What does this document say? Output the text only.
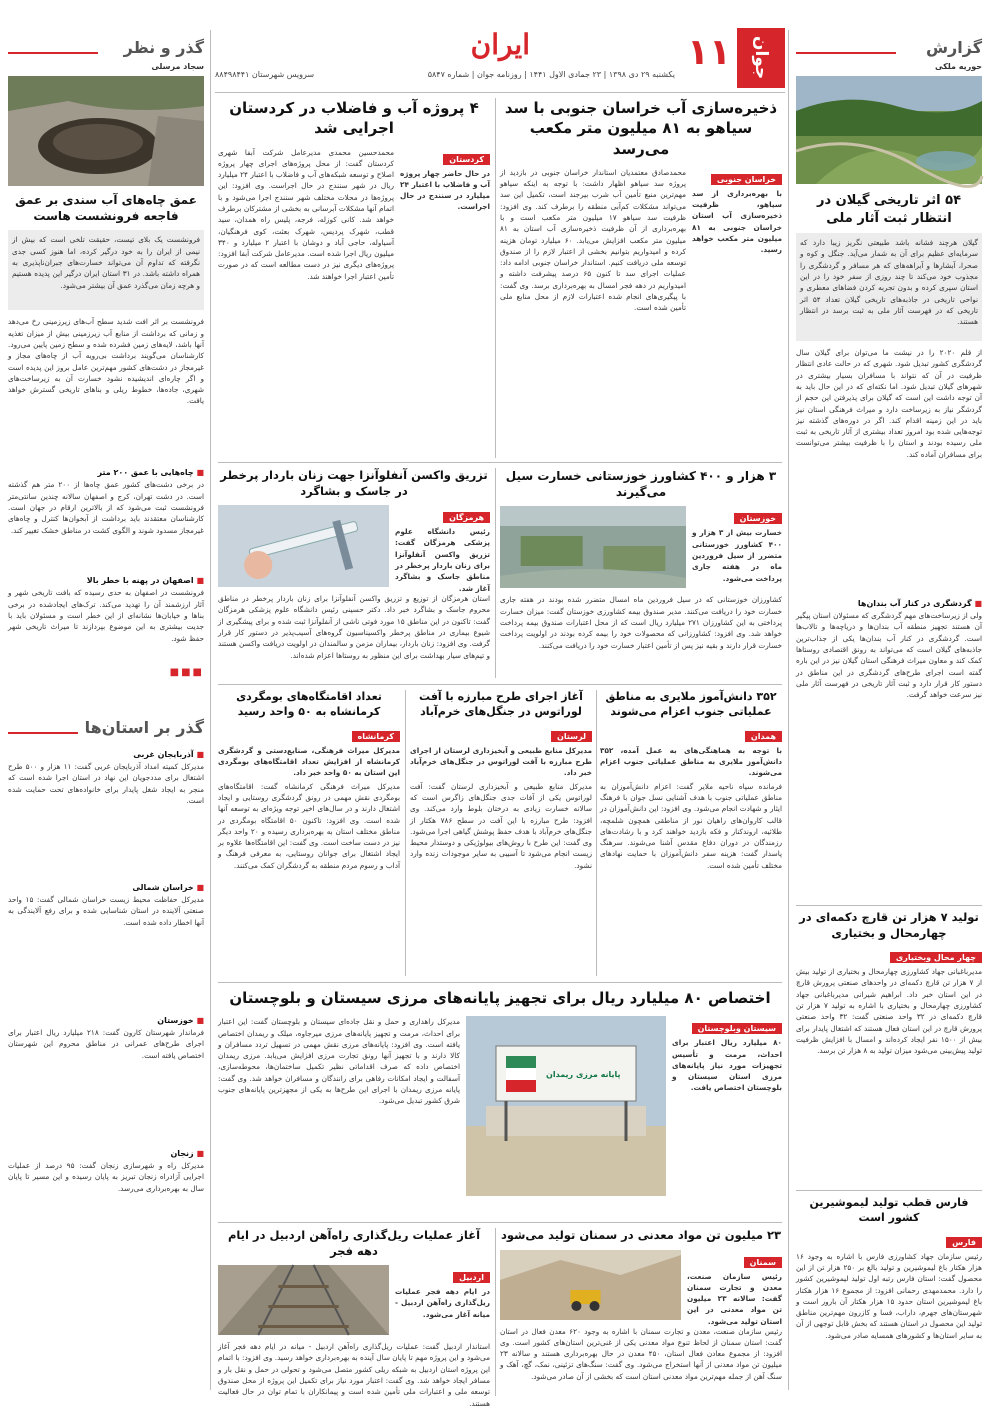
جوان
۱۱
ایران
یکشنبه ۲۹ دی ۱۳۹۸ | ۲۳ جمادی الاول ۱۴۴۱ | روزنامه جوان | شماره ۵۸۴۷
سرویس شهرستان ۸۸۴۹۸۴۴۱
گزارش
حوریه ملکی
۵۴ اثر تاریخی گیلان در انتظار ثبت آثار ملی
گیلان هرچند فشانه باشد طبیعتی نگریز زیبا دارد که سرمایه‌ای عظیم برای آن به شمار می‌آید. جنگل و کوه و صحرا، آبشارها و آبراهه‌های که هر مسافر و گردشگری را مجذوب خود می‌کند تا چند روزی از سفر خود را در این استان سپری کرده و بدون تجربه کردن فضاهای معطری و نواحی تاریخی در جاذبه‌های تاریخی گیلان تعداد ۵۴ اثر تاریخی که در فهرست آثار ملی به ثبت برسد در انتظار هستند.
از قلم ۲۰۲۰ را در نیشت ما می‌توان برای گیلان سال گردشگری کشور تبدیل شود. شهری که در حالت عادی انتظار ظرفیت در آن که نتواند با مسافران بسیار بیشتری در شهرهای گیلان تبدیل شود. اما نکته‌ای که در این حال باید به آن توجه داشت این است که گیلان برای پذیرفتن این حجم از گردشگر نیاز به زیرساخت دارد و میراث فرهنگی استان نیز باید در این زمینه اقدام کند. اگر در دوره‌های گذشته نیز توجه‌هایی شده بود امروز تعداد بیشتری از آثار تاریخی به ثبت ملی رسیده بودند و استان را با ظرفیت بیشتر می‌توانست برای مسافران آماده کند.
■ گردشگری در کنار آب بندان‌ها
ولی از زیرساخت‌های مهم گردشگری که مسئولان استان پیگیر آن هستند تجهیز منطقه آب بندان‌ها و دریاچه‌ها و تالاب‌ها است. گردشگری در کنار آب بندان‌ها یکی از جذاب‌ترین جاذبه‌های گیلان است که می‌تواند به رونق اقتصادی روستاها کمک کند و معاون میراث فرهنگی استان گیلان نیز در این باره گفته است اجرای طرح‌های گردشگری در این مناطق در دستور کار قرار دارد و ثبت آثار تاریخی در فهرست آثار ملی نیز سرعت خواهد گرفت.
تولید ۷ هزار تن قارچ دکمه‌ای در چهارمحال و بختیاری
چهار محال وبختیاری
مدیرباغبانی جهاد کشاورزی چهارمحال و بختیاری از تولید بیش از ۷ هزار تن قارچ دکمه‌ای در واحدهای صنعتی پرورش قارچ در این استان خبر داد. ابراهیم شیرانی مدیرباغبانی جهاد کشاورزی چهارمحال و بختیاری با اشاره به تولید ۷ هزار تن قارچ دکمه‌ای در ۳۲ واحد صنعتی گفت: ۳۲ واحد صنعتی پرورش قارچ در این استان فعال هستند که اشتغال پایدار برای بیش از ۱۵۰۰ نفر ایجاد کرده‌اند و امسال با افزایش ظرفیت تولید پیش‌بینی می‌شود میزان تولید به ۸ هزار تن برسد.
فارس قطب تولید لیموشیرین کشور است
فارس
رئیس سازمان جهاد کشاورزی فارس با اشاره به وجود ۱۶ هزار هکتار باغ لیموشیرین و تولید بالغ بر ۲۵۰ هزار تن از این محصول گفت: استان فارس رتبه اول تولید لیموشیرین کشور را دارد. محمدمهدی رحمانی افزود: از مجموع ۱۶ هزار هکتار باغ لیموشیرین استان حدود ۱۵ هزار هکتار آن بارور است و شهرستان‌های جهرم، داراب، فسا و کازرون مهم‌ترین مناطق تولید این محصول در استان هستند که بخش قابل توجهی از آن به سایر استان‌ها و کشورهای همسایه صادر می‌شود.
گذر و نظر
سجاد مرسلی
عمق چاه‌های آب سندی بر عمق فاجعه فرونشست هاست
فرونشست یک بلای تیست، حقیقت تلخی است که بیش از نیمی از ایران را به خود درگیر کرده، اما هنوز کسی جدی نگرفته که تداوم آن می‌تواند خسارت‌های جبران‌ناپذیری به همراه داشته باشد. در ۳۱ استان ایران درگیر این پدیده هستیم و هرچه زمان می‌گذرد عمق آن بیشتر می‌شود.
فرونشست بر اثر افت شدید سطح آب‌های زیرزمینی رخ می‌دهد و زمانی که برداشت از منابع آب زیرزمینی بیش از میزان تغذیه آنها باشد، لایه‌های زمین فشرده شده و سطح زمین پایین می‌رود. کارشناسان می‌گویند برداشت بی‌رویه آب از چاه‌های مجاز و غیرمجاز در دشت‌های کشور مهم‌ترین عامل بروز این پدیده است و اگر چاره‌ای اندیشیده نشود خسارت آن به زیرساخت‌های شهری، جاده‌ها، خطوط ریلی و بناهای تاریخی گسترش خواهد یافت.
■ چاه‌هایی با عمق ۲۰۰ متر
در برخی دشت‌های کشور عمق چاه‌ها از ۲۰۰ متر هم گذشته است. در دشت تهران، کرج و اصفهان سالانه چندین سانتی‌متر فرونشست ثبت می‌شود که از بالاترین ارقام در جهان است. کارشناسان معتقدند باید برداشت از آبخوان‌ها کنترل و چاه‌های غیرمجاز مسدود شوند و الگوی کشت در مناطق خشک تغییر کند.
■ اصفهان در پهنه با خطر بالا
فرونشست در اصفهان به حدی رسیده که بافت تاریخی شهر و آثار ارزشمند آن را تهدید می‌کند. ترک‌های ایجادشده در برخی بناها و خیابان‌ها نشانه‌ای از این خطر است و مسئولان باید با جدیت بیشتری به این موضوع بپردازند تا میراث تاریخی شهر حفظ شود.
■■■
گذر بر استان‌ها
■ آذربایجان غربی
مدیرکل کمیته امداد آذربایجان غربی گفت: ۱۱ هزار و ۵۰۰ طرح اشتغال برای مددجویان این نهاد در استان اجرا شده است که منجر به ایجاد شغل پایدار برای خانواده‌های تحت حمایت شده است.
■ خراسان شمالی
مدیرکل حفاظت محیط زیست خراسان شمالی گفت: ۱۵ واحد صنعتی آلاینده در استان شناسایی شده و برای رفع آلایندگی به آنها اخطار داده شده است.
■ خوزستان
فرماندار شهرستان کارون گفت: ۲۱۸ میلیارد ریال اعتبار برای اجرای طرح‌های عمرانی در مناطق محروم این شهرستان اختصاص یافته است.
■ زنجان
مدیرکل راه و شهرسازی زنجان گفت: ۹۵ درصد از عملیات اجرایی آزادراه زنجان تبریز به پایان رسیده و این مسیر تا پایان سال به بهره‌برداری می‌رسد.
ذخیره‌سازی آب خراسان جنوبی با سد سیاهو به ۸۱ میلیون متر مکعب می‌رسد
خراسان جنوبی
با بهره‌برداری از سد سیاهو، ظرفیت ذخیره‌سازی آب استان خراسان جنوبی به ۸۱ میلیون متر مکعب خواهد رسید.
محمدصادق معتمدیان استاندار خراسان جنوبی در بازدید از پروژه سد سیاهو اظهار داشت: با توجه به اینکه سیاهو مهم‌ترین منبع تأمین آب شرب بیرجند است، تکمیل این سد می‌تواند مشکلات کم‌آبی منطقه را برطرف کند. وی افزود: ظرفیت سد سیاهو ۱۷ میلیون متر مکعب است و با بهره‌برداری از آن ظرفیت ذخیره‌سازی آب استان به ۸۱ میلیون متر مکعب افزایش می‌یابد. ۶۰ میلیارد تومان هزینه کرده و امیدواریم بتوانیم بخشی از اعتبار لازم را از صندوق توسعه ملی دریافت کنیم. استاندار خراسان جنوبی ادامه داد: عملیات اجرای سد تا کنون ۶۵ درصد پیشرفت داشته و امیدواریم در دهه فجر امسال به بهره‌برداری برسد. وی گفت: با پیگیری‌های انجام شده اعتبارات لازم از محل منابع ملی تأمین شده است.
۴ پروژه آب و فاضلاب در کردستان اجرایی شد
کردستان
در حال حاضر چهار پروژه آب و فاضلاب با اعتبار ۲۴ میلیارد در سنندج در حال اجراست.
محمدحسین محمدی مدیرعامل شرکت آبفا شهری کردستان گفت: از محل پروژه‌های اجرای چهار پروژه اصلاح و توسعه شبکه‌های آب و فاضلاب با اعتبار ۲۴ میلیارد ریال در شهر سنندج در حال اجراست. وی افزود: این پروژه‌ها در محلات مختلف شهر سنندج اجرا می‌شود و با اتمام آنها مشکلات آبرسانی به بخشی از مشترکان برطرف خواهد شد. کانی کوزله، فرجه، پلیس راه همدان، سید قطب، شهرک پردیس، شهرک بعثت، کوی فرهنگیان، آسیاوله، حاجی آباد و دوشان با اعتبار ۲ میلیارد و ۳۴۰ میلیون ریال اجرا شده است. مدیرعامل شرکت آبفا افزود: پروژه‌های دیگری نیز در دست مطالعه است که در صورت تأمین اعتبار اجرا خواهند شد.
۳ هزار و ۴۰۰ کشاورز خوزستانی خسارت سیل می‌گیرند
خوزستان
خسارت بیش از ۳ هزار و ۴۰۰ کشاورز خوزستانی متضرر از سیل فروردین ماه در هفته جاری پرداخت می‌شود.
کشاورزان خوزستانی که در سیل فروردین ماه امسال متضرر شده بودند در هفته جاری خسارت خود را دریافت می‌کنند. مدیر صندوق بیمه کشاورزی خوزستان گفت: میزان خسارت پرداختی به این کشاورزان ۲۷۱ میلیارد ریال است که از محل اعتبارات صندوق بیمه پرداخت خواهد شد. وی افزود: کشاورزانی که محصولات خود را بیمه کرده بودند در اولویت پرداخت خسارت قرار دارند و بقیه نیز پس از تأمین اعتبار خسارت خود را دریافت می‌کنند.
تزریق واکسن آنفلوآنزا جهت زنان باردار پرخطر در جاسک و بشاگرد
هرمزگان
رئیس دانشگاه علوم پزشکی هرمزگان گفت: تزریق واکسن آنفلوآنزا برای زنان باردار پرخطر در مناطق جاسک و بشاگرد آغاز شد.
استان هرمزگان از توزیع و تزریق واکسن آنفلوآنزا برای زنان باردار پرخطر در مناطق محروم جاسک و بشاگرد خبر داد. دکتر حسینی رئیس دانشگاه علوم پزشکی هرمزگان گفت: تاکنون در این مناطق ۱۵ مورد فوتی ناشی از آنفلوآنزا ثبت شده و برای پیشگیری از شیوع بیماری در مناطق پرخطر واکسیناسیون گروه‌های آسیب‌پذیر در دستور کار قرار گرفت. وی افزود: زنان باردار، بیماران مزمن و سالمندان در اولویت دریافت واکسن هستند و تیم‌های سیار بهداشت برای این منظور به روستاها اعزام شده‌اند.
۳۵۲ دانش‌آموز ملایری به مناطق عملیاتی جنوب اعزام می‌شوند
همدان
با توجه به هماهنگی‌های به عمل آمده، ۳۵۲ دانش‌آموز ملایری به مناطق عملیاتی جنوب اعزام می‌شوند.
فرمانده سپاه ناحیه ملایر گفت: اعزام دانش‌آموزان به مناطق عملیاتی جنوب با هدف آشنایی نسل جوان با فرهنگ ایثار و شهادت انجام می‌شود. وی افزود: این دانش‌آموزان در قالب کاروان‌های راهیان نور از مناطقی همچون شلمچه، طلائیه، اروندکنار و فکه بازدید خواهند کرد و با رشادت‌های رزمندگان در دوران دفاع مقدس آشنا می‌شوند. سرهنگ پاسدار گفت: هزینه سفر دانش‌آموزان با حمایت نهادهای مختلف تأمین شده است.
آغاز اجرای طرح مبارزه با آفت لوراتوس در جنگل‌های خرم‌آباد
لرستان
مدیرکل منابع طبیعی و آبخیزداری لرستان از اجرای طرح مبارزه با آفت لوراتوس در جنگل‌های خرم‌آباد خبر داد.
مدیرکل منابع طبیعی و آبخیزداری لرستان گفت: آفت لوراتوس یکی از آفات جدی جنگل‌های زاگرس است که سالانه خسارت زیادی به درختان بلوط وارد می‌کند. وی افزود: طرح مبارزه با این آفت در سطح ۷۸۶ هکتار از جنگل‌های خرم‌آباد با هدف حفظ پوشش گیاهی اجرا می‌شود. وی گفت: این طرح با روش‌های بیولوژیکی و دوستدار محیط زیست انجام می‌شود تا آسیبی به سایر موجودات زنده وارد نشود.
تعداد اقامتگاه‌های بومگردی کرمانشاه به ۵۰ واحد رسید
کرمانشاه
مدیرکل میراث فرهنگی، صنایع‌دستی و گردشگری کرمانشاه از افزایش تعداد اقامتگاه‌های بومگردی این استان به ۵۰ واحد خبر داد.
مدیرکل میراث فرهنگی کرمانشاه گفت: اقامتگاه‌های بومگردی نقش مهمی در رونق گردشگری روستایی و ایجاد اشتغال دارند و در سال‌های اخیر توجه ویژه‌ای به توسعه آنها شده است. وی افزود: تاکنون ۵۰ اقامتگاه بومگردی در مناطق مختلف استان به بهره‌برداری رسیده و ۲۰ واحد دیگر نیز در دست ساخت است. وی گفت: این اقامتگاه‌ها علاوه بر ایجاد اشتغال برای جوانان روستایی، به معرفی فرهنگ و آداب و رسوم مردم منطقه به گردشگران کمک می‌کنند.
اختصاص ۸۰ میلیارد ریال برای تجهیز پایانه‌های مرزی سیستان و بلوچستان
سیستان وبلوچستان
۸۰ میلیارد ریال اعتبار برای احداث، مرمت و تأسیس تجهیزات مورد نیاز پایانه‌های مرزی استان سیستان و بلوچستان اختصاص یافت.
پایانه مرزی ریمدان
مدیرکل راهداری و حمل و نقل جاده‌ای سیستان و بلوچستان گفت: این اعتبار برای احداث، مرمت و تجهیز پایانه‌های مرزی میرجاوه، میلک و ریمدان اختصاص یافته است. وی افزود: پایانه‌های مرزی نقش مهمی در تسهیل تردد مسافران و کالا دارند و با تجهیز آنها رونق تجارت مرزی افزایش می‌یابد. مرزی ریمدان اختصاص داده که صرف اقداماتی نظیر تکمیل ساختمان‌ها، محوطه‌سازی، آسفالت و ایجاد امکانات رفاهی برای رانندگان و مسافران خواهد شد. وی گفت: پایانه مرزی ریمدان با اجرای این طرح‌ها به یکی از مجهزترین پایانه‌های جنوب شرق کشور تبدیل می‌شود.
۲۳ میلیون تن مواد معدنی در سمنان تولید می‌شود
سمنان
رئیس سازمان صنعت، معدن و تجارت سمنان گفت: سالانه ۲۳ میلیون تن مواد معدنی در این استان تولید می‌شود.
رئیس سازمان صنعت، معدن و تجارت سمنان با اشاره به وجود ۶۲۰ معدن فعال در استان گفت: استان سمنان از لحاظ تنوع مواد معدنی یکی از غنی‌ترین استان‌های کشور است. وی افزود: از مجموع معادن فعال استان، ۴۵۰ معدن در حال بهره‌برداری هستند و سالانه ۲۳ میلیون تن مواد معدنی از آنها استخراج می‌شود. وی گفت: سنگ‌های تزئینی، نمک، گچ، آهک و سنگ آهن از جمله مهم‌ترین مواد معدنی استان است که بخشی از آن صادر می‌شود.
آغاز عملیات ریل‌گذاری راه‌آهن اردبیل در ایام دهه فجر
اردبیل
در ایام دهه فجر عملیات ریل‌گذاری راه‌آهن اردبیل - میانه آغاز می‌شود.
استاندار اردبیل گفت: عملیات ریل‌گذاری راه‌آهن اردبیل - میانه در ایام دهه فجر آغاز می‌شود و این پروژه مهم تا پایان سال آینده به بهره‌برداری خواهد رسید. وی افزود: با اتمام این پروژه استان اردبیل به شبکه ریلی کشور متصل می‌شود و تحولی در حمل و نقل بار و مسافر ایجاد خواهد شد. وی گفت: اعتبار مورد نیاز برای تکمیل این پروژه از محل صندوق توسعه ملی و اعتبارات ملی تأمین شده است و پیمانکاران با تمام توان در حال فعالیت هستند.
